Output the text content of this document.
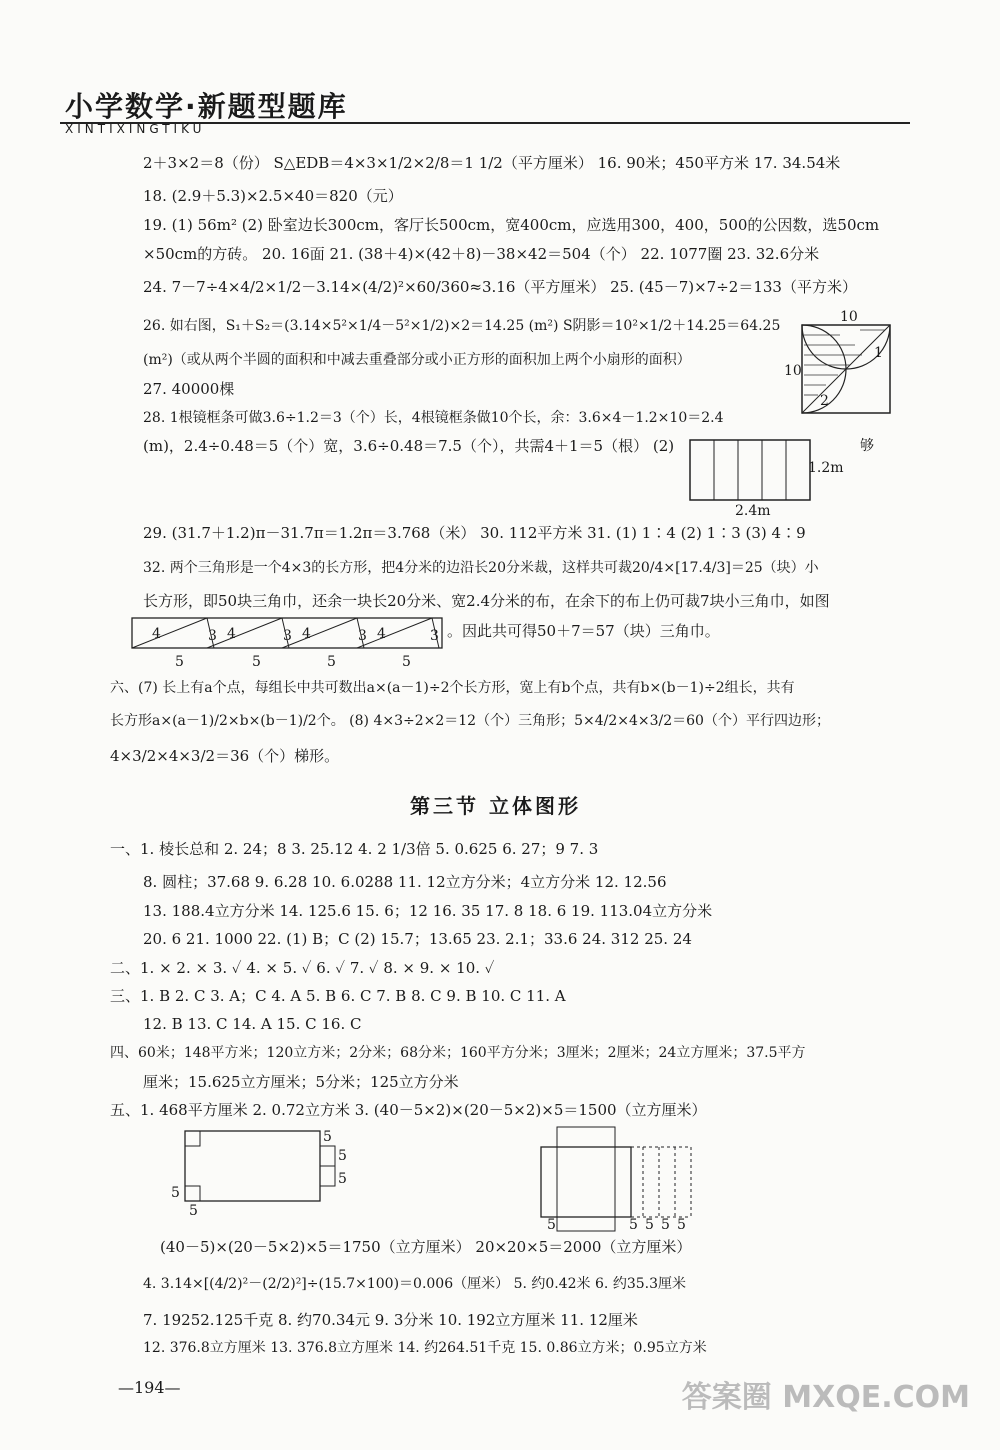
小学数学·新题型题库
XINTIXINGTIKU
2＋3×2＝8（份） S△EDB＝4×3×1/2×2/8＝1 1/2（平方厘米） 16. 90米；450平方米 17. 34.54米
18. (2.9＋5.3)×2.5×40＝820（元）
19. (1) 56m² (2) 卧室边长300cm，客厅长500cm，宽400cm，应选用300，400，500的公因数，选50cm
×50cm的方砖。 20. 16面 21. (38＋4)×(42＋8)－38×42＝504（个） 22. 1077圈 23. 32.6分米
24. 7－7÷4×4/2×1/2－3.14×(4/2)²×60/360≈3.16（平方厘米） 25. (45－7)×7÷2＝133（平方米）
26. 如右图，S₁＋S₂＝(3.14×5²×1/4－5²×1/2)×2＝14.25 (m²) S阴影＝10²×1/2＋14.25＝64.25
(m²)（或从两个半圆的面积和中减去重叠部分或小正方形的面积加上两个小扇形的面积）
27. 40000棵
28. 1根镜框条可做3.6÷1.2＝3（个）长，4根镜框条做10个长，余：3.6×4－1.2×10＝2.4
(m)，2.4÷0.48＝5（个）宽，3.6÷0.48＝7.5（个），共需4＋1＝5（根） (2)
29. (31.7＋1.2)π－31.7π＝1.2π＝3.768（米） 30. 112平方米 31. (1) 1∶4 (2) 1∶3 (3) 4∶9
32. 两个三角形是一个4×3的长方形，把4分米的边沿长20分米裁，这样共可裁20/4×[17.4/3]＝25（块）小
长方形，即50块三角巾，还余一块长20分米、宽2.4分米的布，在余下的布上仍可裁7块小三角巾，如图
。因此共可得50＋7＝57（块）三角巾。
六、(7) 长上有a个点，每组长中共可数出a×(a－1)÷2个长方形，宽上有b个点，共有b×(b－1)÷2组长，共有
长方形a×(a－1)/2×b×(b－1)/2个。 (8) 4×3÷2×2＝12（个）三角形；5×4/2×4×3/2＝60（个）平行四边形；
4×3/2×4×3/2＝36（个）梯形。
10
10
1
2
够
1.2m
2.4m
4	4	4	4
3	3	3	3
5	5	5	5
第三节 立体图形
一、1. 棱长总和 2. 24；8 3. 25.12 4. 2 1/3倍 5. 0.625 6. 27；9 7. 3
8. 圆柱；37.68 9. 6.28 10. 6.0288 11. 12立方分米；4立方分米 12. 12.56
13. 188.4立方分米 14. 125.6 15. 6；12 16. 35 17. 8 18. 6 19. 113.04立方分米
20. 6 21. 1000 22. (1) B；C (2) 15.7；13.65 23. 2.1；33.6 24. 312 25. 24
二、1. × 2. × 3. ✓ 4. × 5. ✓ 6. ✓ 7. ✓ 8. × 9. × 10. ✓
三、1. B 2. C 3. A；C 4. A 5. B 6. C 7. B 8. C 9. B 10. C 11. A
12. B 13. C 14. A 15. C 16. C
四、60米；148平方米；120立方米；2分米；68分米；160平方分米；3厘米；2厘米；24立方厘米；37.5平方
厘米；15.625立方厘米；5分米；125立方分米
五、1. 468平方厘米 2. 0.72立方米 3. (40－5×2)×(20－5×2)×5＝1500（立方厘米）
5
5
5
5
5
5	5 5 5 5
(40－5)×(20－5×2)×5＝1750（立方厘米） 20×20×5＝2000（立方厘米）
4. 3.14×[(4/2)²－(2/2)²]÷(15.7×100)＝0.006（厘米） 5. 约0.42米 6. 约35.3厘米
7. 19252.125千克 8. 约70.34元 9. 3分米 10. 192立方厘米 11. 12厘米
12. 376.8立方厘米 13. 376.8立方厘米 14. 约264.51千克 15. 0.86立方米；0.95立方米
—194—	答案圈 MXQE.COM
